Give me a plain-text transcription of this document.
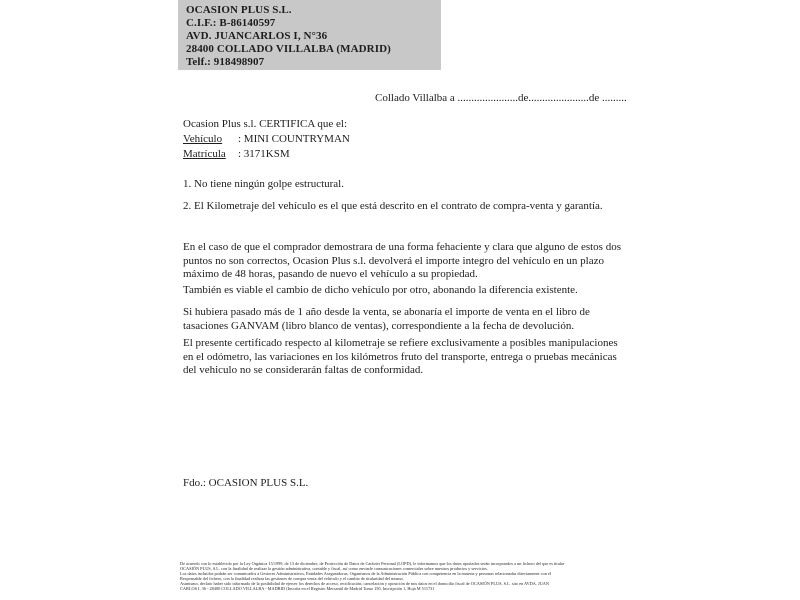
OCASION PLUS S.L.
C.I.F.: B-86140597
AVD. JUANCARLOS I, N°36
28400 COLLADO VILLALBA (MADRID)
Telf.: 918498907
Collado Villalba a ......................de......................de .........
Ocasion Plus s.l. CERTIFICA que el:
Vehículo : MINI COUNTRYMAN
Matrícula : 3171KSM
1. No tiene ningún golpe estructural.
2. El Kilometraje del vehículo es el que está descrito en el contrato de compra-venta y garantía.
En el caso de que el comprador demostrara de una forma fehaciente y clara que alguno de estos dos puntos no son correctos, Ocasion Plus s.l. devolverá el importe integro del vehículo en un plazo máximo de 48 horas, pasando de nuevo el vehículo a su propiedad.
También es viable el cambio de dicho vehiculo por otro, abonando la diferencia existente.
Si hubiera pasado más de 1 año desde la venta, se abonaría el importe de venta en el libro de tasaciones GANVAM (libro blanco de ventas), correspondiente a la fecha de devolución.
El presente certificado respecto al kilometraje se refiere exclusivamente a posibles manipulaciones en el odómetro, las variaciones en los kilómetros fruto del transporte, entrega o pruebas mecánicas del vehiculo no se considerarán faltas de conformidad.
Fdo.: OCASION PLUS S.L.
De acuerdo con lo establecido por la Ley Orgánica 15/1999, de 13 de diciembre, de Protección de Datos de Carácter Personal (LOPD), le informamos que los datos aportados serán incorporados a un fichero del que es titular
OCASIÓN PLUS, S.L. con la finalidad de realizar la gestión administrativa, contable y fiscal, así como enviarle comunicaciones comerciales sobre nuestros productos y servicios.
Los datos incluidos podrán ser comunicados a Gestores Administrativos, Entidades Aseguradoras, Organismos de la Administración Pública con competencia en la materia y personas relacionadas directamente con el
Responsable del fichero, con la finalidad realizar las gestiones de compra venta del vehículo y el cambio de titularidad del mismo.
Asimismo, declaro haber sido informado de la posibilidad de ejercer los derechos de acceso, rectificación, cancelación y oposición de mis datos en el domicilio fiscal de OCASIÓN PLUS, S.L. sito en AVDA. JUAN
CARLOS I, 36 - 28400 COLLADO VILLALBA - MADRID (Inscrita en el Registro Mercantil de Madrid Tomo 150, Inscripción 1, Hoja M 511731
